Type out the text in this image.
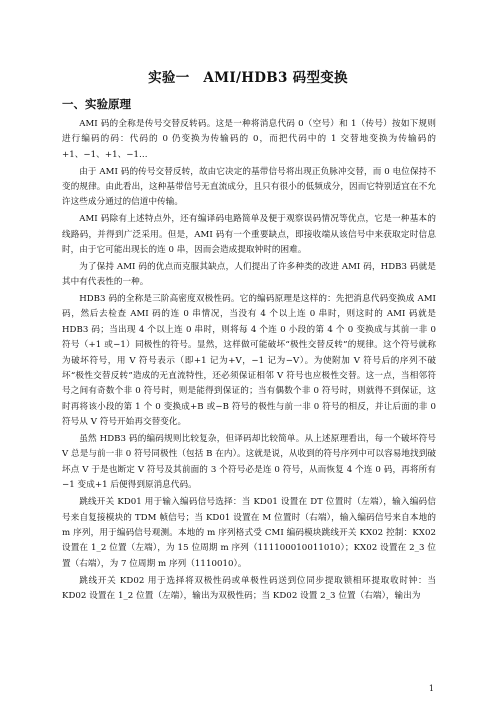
实验一　AMI/HDB3 码型变换
一、实验原理

AMI 码的全称是传号交替反转码。这是一种将消息代码 0（空号）和 1（传号）按如下规则进行编码的码：代码的 0 仍变换为传输码的 0，而把代码中的 1 交替地变换为传输码的+1、−1、+1、−1…

由于 AMI 码的传号交替反转，故由它决定的基带信号将出现正负脉冲交替，而 0 电位保持不变的规律。由此看出，这种基带信号无直流成分，且只有很小的低频成分，因而它特别适宜在不允许这些成分通过的信道中传输。

AMI 码除有上述特点外，还有编译码电路简单及便于观察误码情况等优点，它是一种基本的线路码，并得到广泛采用。但是，AMI 码有一个重要缺点，即接收端从该信号中来获取定时信息时，由于它可能出现长的连 0 串，因而会造成提取钟时的困难。

为了保持 AMI 码的优点而克服其缺点，人们提出了许多种类的改进 AMI 码，HDB3 码就是其中有代表性的一种。

HDB3 码的全称是三阶高密度双极性码。它的编码原理是这样的：先把消息代码变换成 AMI 码，然后去检查 AMI 码的连 0 串情况，当没有 4 个以上连 0 串时，则这时的 AMI 码就是 HDB3 码；当出现 4 个以上连 0 串时，则将每 4 个连 0 小段的第 4 个 0 变换成与其前一非 0 符号（+1 或−1）同极性的符号。显然，这样做可能破坏“极性交替反转”的规律。这个符号就称为破坏符号，用 V 符号表示（即+1 记为+V，−1 记为−V）。为使附加 V 符号后的序列不破坏“极性交替反转”造成的无直流特性，还必须保证相邻 V 符号也应极性交替。这一点，当相邻符号之间有奇数个非 0 符号时，则是能得到保证的；当有偶数个非 0 符号时，则就得不到保证，这时再将该小段的第 1 个 0 变换成+B 或−B 符号的极性与前一非 0 符号的相反，并让后面的非 0 符号从 V 符号开始再交替变化。

虽然 HDB3 码的编码规则比较复杂，但译码却比较简单。从上述原理看出，每一个破坏符号 V 总是与前一非 0 符号同极性（包括 B 在内）。这就是说，从收到的符号序列中可以容易地找到破坏点 V 于是也断定 V 符号及其前面的 3 个符号必是连 0 符号，从而恢复 4 个连 0 码，再将所有−1 变成+1 后便得到原消息代码。

跳线开关 KD01 用于输入编码信号选择：当 KD01 设置在 DT 位置时（左端），输入编码信号来自复接模块的 TDM 帧信号；当 KD01 设置在 M 位置时（右端），输入编码信号来自本地的 m 序列，用于编码信号观测。本地的 m 序列格式受 CMI 编码模块跳线开关 KX02 控制：KX02 设置在 1_2 位置（左端），为 15 位周期 m 序列（111100010011010）；KX02 设置在 2_3 位置（右端），为 7 位周期 m 序列（1110010）。

跳线开关 KD02 用于选择将双极性码或单极性码送到位同步提取锁相环提取收时钟：当 KD02 设置在 1_2 位置（左端），输出为双极性码；当 KD02 设置 2_3 位置（右端），输出为

1
